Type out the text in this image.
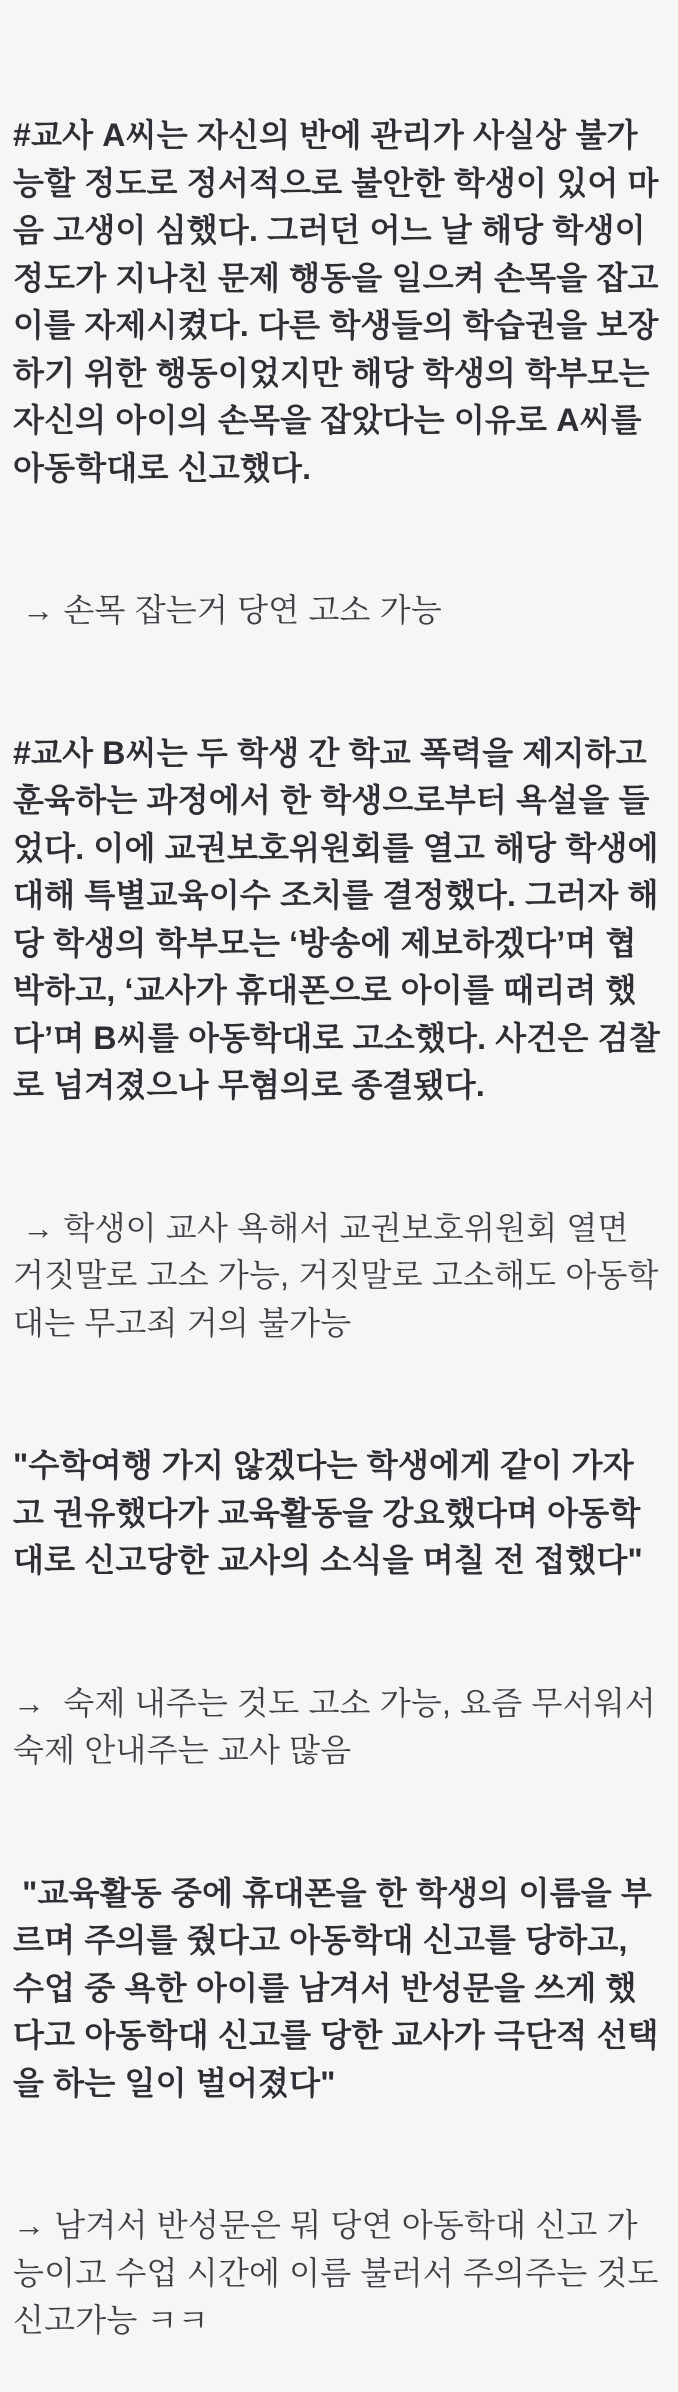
#교사 A씨는 자신의 반에 관리가 사실상 불가능할 정도로 정서적으로 불안한 학생이 있어 마음 고생이 심했다. 그러던 어느 날 해당 학생이 정도가 지나친 문제 행동을 일으켜 손목을 잡고 이를 자제시켰다. 다른 학생들의 학습권을 보장하기 위한 행동이었지만 해당 학생의 학부모는 자신의 아이의 손목을 잡았다는 이유로 A씨를 아동학대로 신고했다.

→ 손목 잡는거 당연 고소 가능

#교사 B씨는 두 학생 간 학교 폭력을 제지하고 훈육하는 과정에서 한 학생으로부터 욕설을 들었다. 이에 교권보호위원회를 열고 해당 학생에 대해 특별교육이수 조치를 결정했다. 그러자 해당 학생의 학부모는 ‘방송에 제보하겠다’며 협박하고, ‘교사가 휴대폰으로 아이를 때리려 했다’며 B씨를 아동학대로 고소했다. 사건은 검찰로 넘겨졌으나 무혐의로 종결됐다.

→ 학생이 교사 욕해서 교권보호위원회 열면 거짓말로 고소 가능, 거짓말로 고소해도 아동학대는 무고죄 거의 불가능

"수학여행 가지 않겠다는 학생에게 같이 가자고 권유했다가 교육활동을 강요했다며 아동학대로 신고당한 교사의 소식을 며칠 전 접했다"

→  숙제 내주는 것도 고소 가능, 요즘 무서워서 숙제 안내주는 교사 많음

"교육활동 중에 휴대폰을 한 학생의 이름을 부르며 주의를 줬다고 아동학대 신고를 당하고, 수업 중 욕한 아이를 남겨서 반성문을 쓰게 했다고 아동학대 신고를 당한 교사가 극단적 선택을 하는 일이 벌어졌다"

→ 남겨서 반성문은 뭐 당연 아동학대 신고 가능이고 수업 시간에 이름 불러서 주의주는 것도 신고가능 ㅋㅋ
